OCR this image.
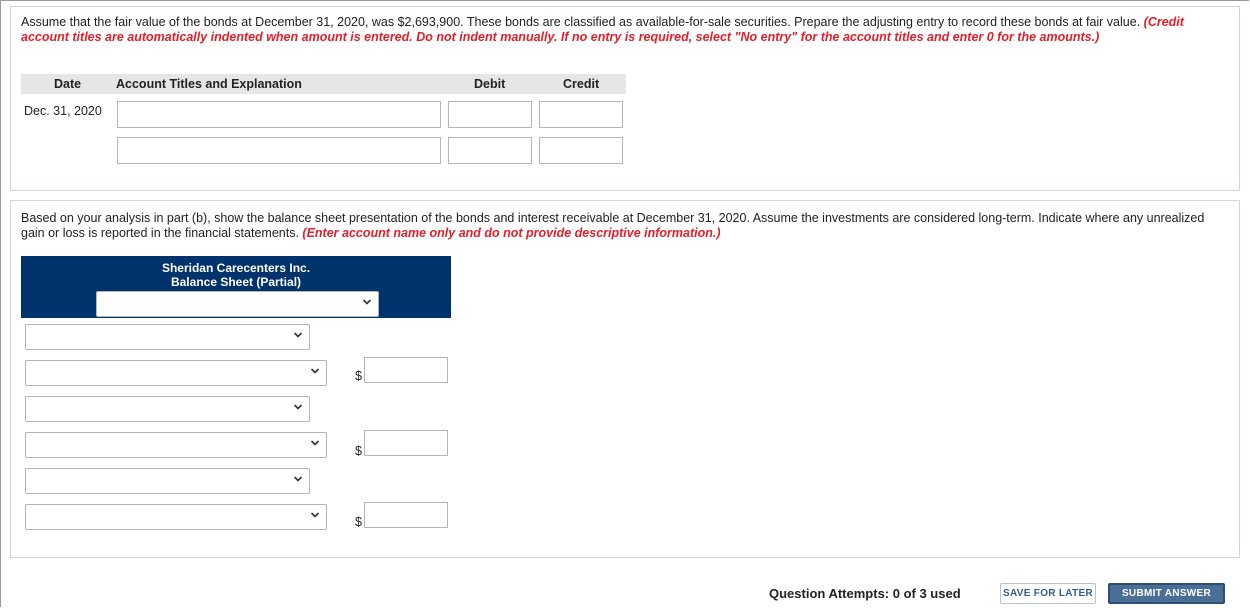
Assume that the fair value of the bonds at December 31, 2020, was $2,693,900. These bonds are classified as available-for-sale securities. Prepare the adjusting entry to record these bonds at fair value. (Credit account titles are automatically indented when amount is entered. Do not indent manually. If no entry is required, select "No entry" for the account titles and enter 0 for the amounts.)
Date	Account Titles and Explanation	Debit	Credit
Dec. 31, 2020
Based on your analysis in part (b), show the balance sheet presentation of the bonds and interest receivable at December 31, 2020. Assume the investments are considered long-term. Indicate where any unrealized gain or loss is reported in the financial statements. (Enter account name only and do not provide descriptive information.)
Sheridan Carecenters Inc.
Balance Sheet (Partial)
$
$
$
Question Attempts: 0 of 3 used	SAVE FOR LATER	SUBMIT ANSWER
